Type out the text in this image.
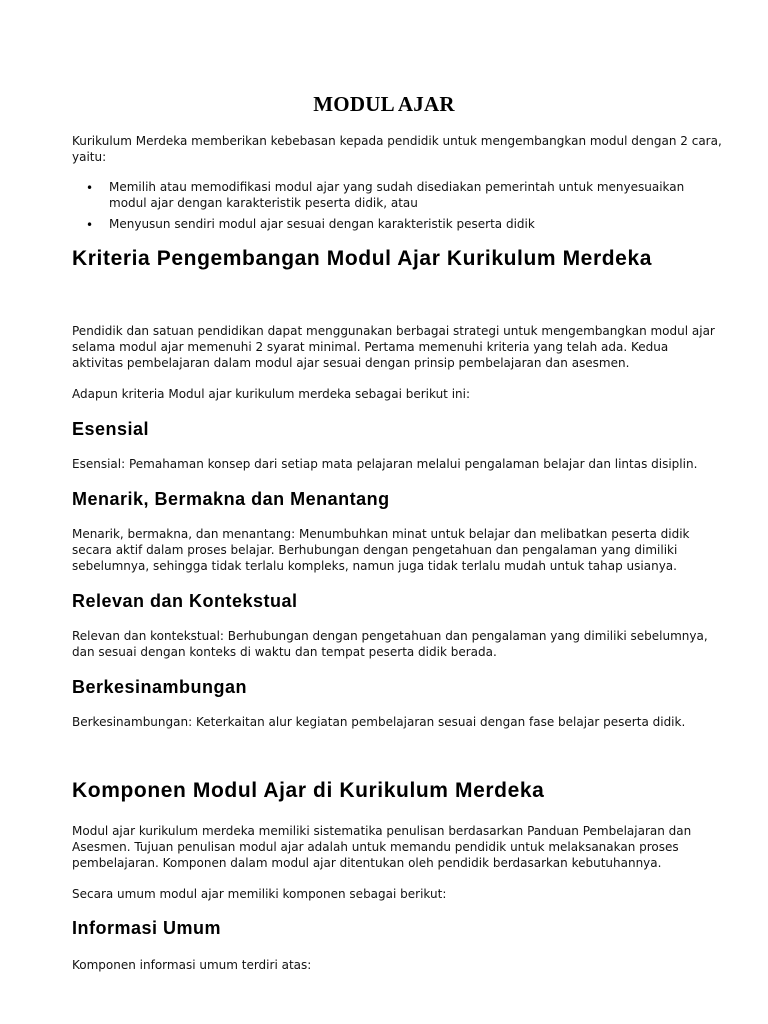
MODUL AJAR
Kurikulum Merdeka memberikan kebebasan kepada pendidik untuk mengembangkan modul dengan 2 cara, yaitu:
• Memilih atau memodifikasi modul ajar yang sudah disediakan pemerintah untuk menyesuaikan modul ajar dengan karakteristik peserta didik, atau
• Menyusun sendiri modul ajar sesuai dengan karakteristik peserta didik
Kriteria Pengembangan Modul Ajar Kurikulum Merdeka
Pendidik dan satuan pendidikan dapat menggunakan berbagai strategi untuk mengembangkan modul ajar selama modul ajar memenuhi 2 syarat minimal. Pertama memenuhi kriteria yang telah ada. Kedua aktivitas pembelajaran dalam modul ajar sesuai dengan prinsip pembelajaran dan asesmen.
Adapun kriteria Modul ajar kurikulum merdeka sebagai berikut ini:
Esensial
Esensial: Pemahaman konsep dari setiap mata pelajaran melalui pengalaman belajar dan lintas disiplin.
Menarik, Bermakna dan Menantang
Menarik, bermakna, dan menantang: Menumbuhkan minat untuk belajar dan melibatkan peserta didik secara aktif dalam proses belajar. Berhubungan dengan pengetahuan dan pengalaman yang dimiliki sebelumnya, sehingga tidak terlalu kompleks, namun juga tidak terlalu mudah untuk tahap usianya.
Relevan dan Kontekstual
Relevan dan kontekstual: Berhubungan dengan pengetahuan dan pengalaman yang dimiliki sebelumnya, dan sesuai dengan konteks di waktu dan tempat peserta didik berada.
Berkesinambungan
Berkesinambungan: Keterkaitan alur kegiatan pembelajaran sesuai dengan fase belajar peserta didik.
Komponen Modul Ajar di Kurikulum Merdeka
Modul ajar kurikulum merdeka memiliki sistematika penulisan berdasarkan Panduan Pembelajaran dan Asesmen. Tujuan penulisan modul ajar adalah untuk memandu pendidik untuk melaksanakan proses pembelajaran. Komponen dalam modul ajar ditentukan oleh pendidik berdasarkan kebutuhannya.
Secara umum modul ajar memiliki komponen sebagai berikut:
Informasi Umum
Komponen informasi umum terdiri atas:
